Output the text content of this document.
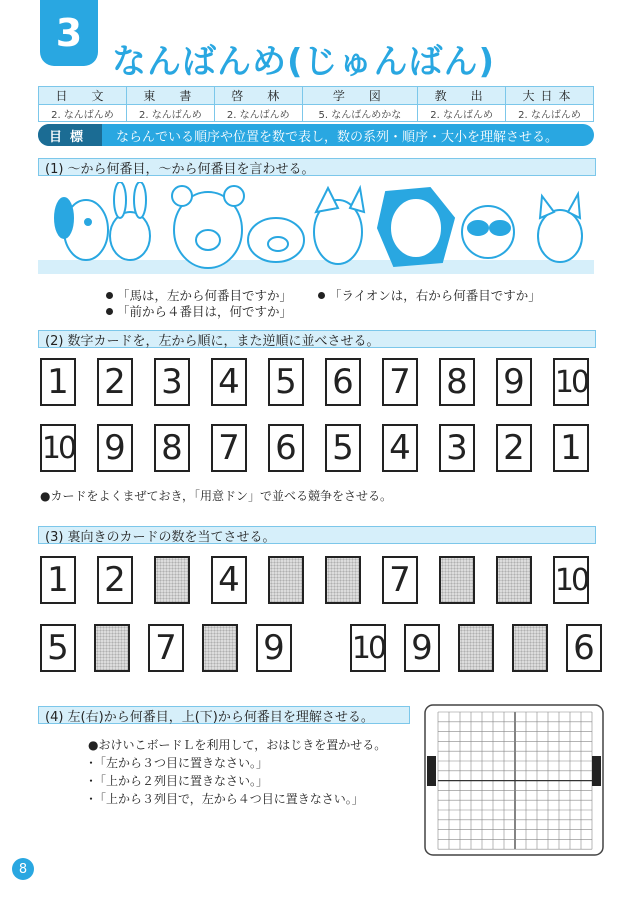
3
なんばんめ(じゅんばん)
日　文	東　書	啓　林	学　図	教　出	大日本
2. なんばんめ	2. なんばんめ	2. なんばんめ	5. なんばんめかな	2. なんばんめ	2. なんばんめ
目標	ならんでいる順序や位置を数で表し，数の系列・順序・大小を理解させる。
(1) ～から何番目，～から何番目を言わせる。
「馬は，左から何番目ですか」	「ライオンは，右から何番目ですか」
「前から４番目は，何ですか」
(2) 数字カードを，左から順に，また逆順に並べさせる。
1 2 3 4 5 6 7 8 9 10
10 9 8 7 6 5 4 3 2 1
●カードをよくまぜておき，「用意ドン」で並べる競争をさせる。
(3) 裏向きのカードの数を当てさせる。
1 2	4	7	10
5	7	9 10 9	6
(4) 左(右)から何番目，上(下)から何番目を理解させる。
●おけいこボードＬを利用して，おはじきを置かせる。
･「左から３つ目に置きなさい。」
･「上から２列目に置きなさい。」
･「上から３列目で，左から４つ目に置きなさい。」
8
